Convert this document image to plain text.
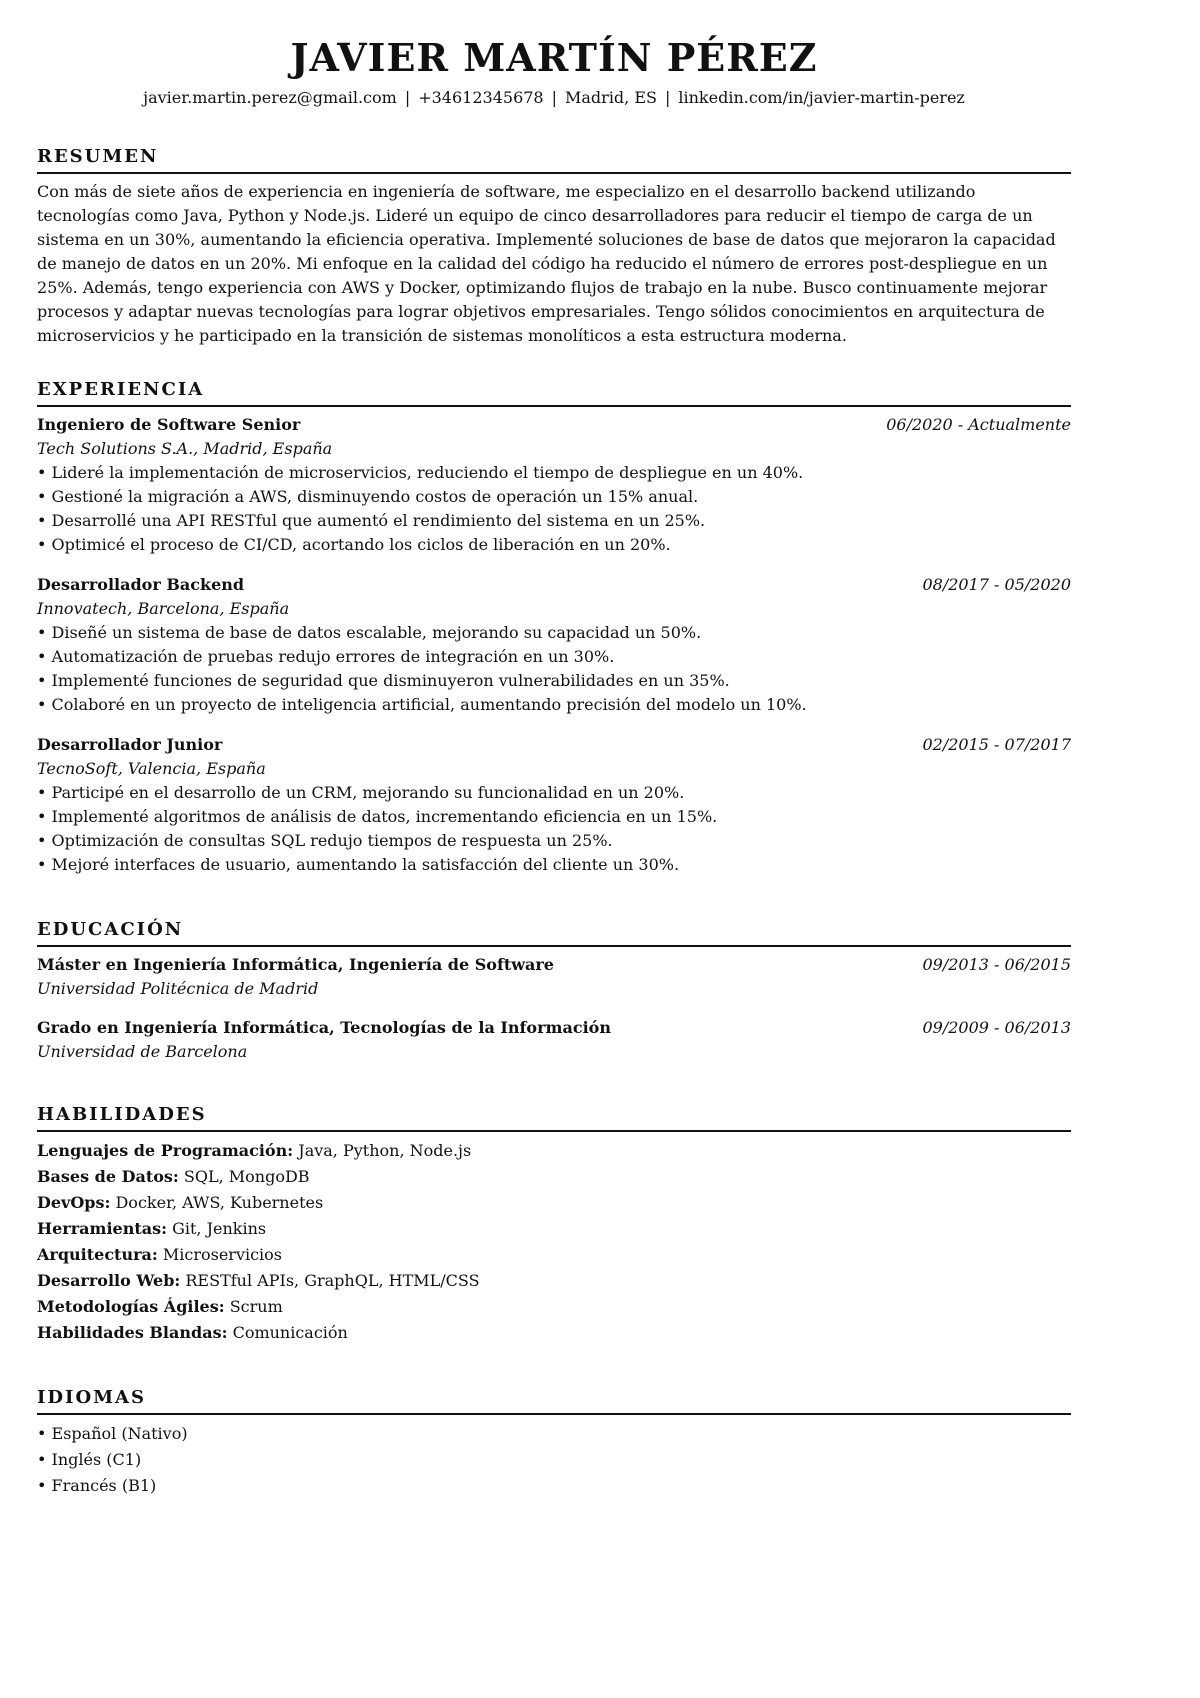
JAVIER MARTÍN PÉREZ
javier.martin.perez@gmail.com | +34612345678 | Madrid, ES | linkedin.com/in/javier-martin-perez
RESUMEN
Con más de siete años de experiencia en ingeniería de software, me especializo en el desarrollo backend utilizando tecnologías como Java, Python y Node.js. Lideré un equipo de cinco desarrolladores para reducir el tiempo de carga de un sistema en un 30%, aumentando la eficiencia operativa. Implementé soluciones de base de datos que mejoraron la capacidad de manejo de datos en un 20%. Mi enfoque en la calidad del código ha reducido el número de errores post-despliegue en un 25%. Además, tengo experiencia con AWS y Docker, optimizando flujos de trabajo en la nube. Busco continuamente mejorar procesos y adaptar nuevas tecnologías para lograr objetivos empresariales. Tengo sólidos conocimientos en arquitectura de microservicios y he participado en la transición de sistemas monolíticos a esta estructura moderna.
EXPERIENCIA
Ingeniero de Software Senior	06/2020 - Actualmente
Tech Solutions S.A., Madrid, España
• Lideré la implementación de microservicios, reduciendo el tiempo de despliegue en un 40%.
• Gestioné la migración a AWS, disminuyendo costos de operación un 15% anual.
• Desarrollé una API RESTful que aumentó el rendimiento del sistema en un 25%.
• Optimicé el proceso de CI/CD, acortando los ciclos de liberación en un 20%.
Desarrollador Backend	08/2017 - 05/2020
Innovatech, Barcelona, España
• Diseñé un sistema de base de datos escalable, mejorando su capacidad un 50%.
• Automatización de pruebas redujo errores de integración en un 30%.
• Implementé funciones de seguridad que disminuyeron vulnerabilidades en un 35%.
• Colaboré en un proyecto de inteligencia artificial, aumentando precisión del modelo un 10%.
Desarrollador Junior	02/2015 - 07/2017
TecnoSoft, Valencia, España
• Participé en el desarrollo de un CRM, mejorando su funcionalidad en un 20%.
• Implementé algoritmos de análisis de datos, incrementando eficiencia en un 15%.
• Optimización de consultas SQL redujo tiempos de respuesta un 25%.
• Mejoré interfaces de usuario, aumentando la satisfacción del cliente un 30%.
EDUCACIÓN
Máster en Ingeniería Informática, Ingeniería de Software	09/2013 - 06/2015
Universidad Politécnica de Madrid
Grado en Ingeniería Informática, Tecnologías de la Información	09/2009 - 06/2013
Universidad de Barcelona
HABILIDADES
Lenguajes de Programación: Java, Python, Node.js
Bases de Datos: SQL, MongoDB
DevOps: Docker, AWS, Kubernetes
Herramientas: Git, Jenkins
Arquitectura: Microservicios
Desarrollo Web: RESTful APIs, GraphQL, HTML/CSS
Metodologías Ágiles: Scrum
Habilidades Blandas: Comunicación
IDIOMAS
• Español (Nativo)
• Inglés (C1)
• Francés (B1)
